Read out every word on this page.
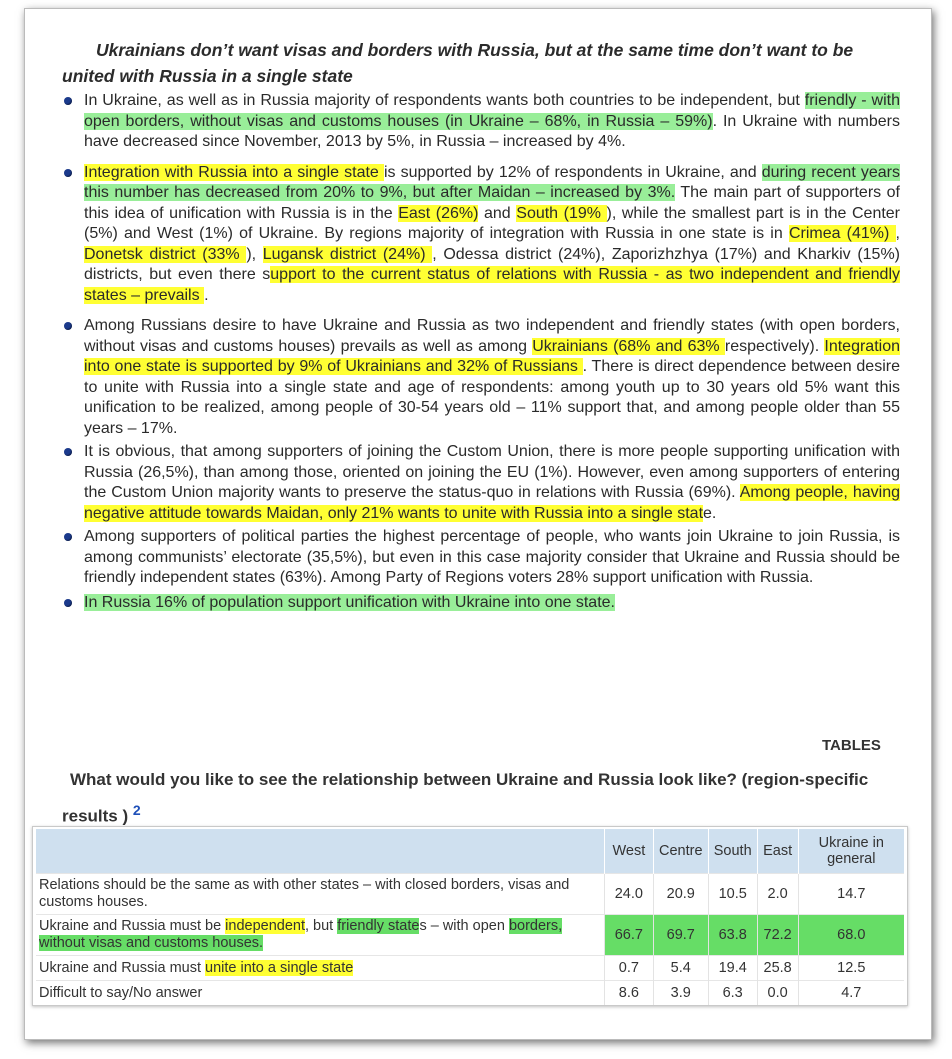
Ukrainians don’t want visas and borders with Russia, but at the same time don’t want to be united with Russia in a single state
In Ukraine, as well as in Russia majority of respondents wants both countries to be independent, but friendly - with open borders, without visas and customs houses (in Ukraine – 68%, in Russia – 59%). In Ukraine with numbers have decreased since November, 2013 by 5%, in Russia – increased by 4%.
Integration with Russia into a single state is supported by 12% of respondents in Ukraine, and during recent years this number has decreased from 20% to 9%, but after Maidan – increased by 3%. The main part of supporters of this idea of unification with Russia is in the East (26%) and South (19% ), while the smallest part is in the Center (5%) and West (1%) of Ukraine. By regions majority of integration with Russia in one state is in Crimea (41%) , Donetsk district (33% ), Lugansk district (24%) , Odessa district (24%), Zaporizhzhya (17%) and Kharkiv (15%) districts, but even there support to the current status of relations with Russia - as two independent and friendly states – prevails .
Among Russians desire to have Ukraine and Russia as two independent and friendly states (with open borders, without visas and customs houses) prevails as well as among Ukrainians (68% and 63% respectively). Integration into one state is supported by 9% of Ukrainians and 32% of Russians . There is direct dependence between desire to unite with Russia into a single state and age of respondents: among youth up to 30 years old 5% want this unification to be realized, among people of 30-54 years old – 11% support that, and among people older than 55 years – 17%.
It is obvious, that among supporters of joining the Custom Union, there is more people supporting unification with Russia (26,5%), than among those, oriented on joining the EU (1%). However, even among supporters of entering the Custom Union majority wants to preserve the status-quo in relations with Russia (69%). Among people, having negative attitude towards Maidan, only 21% wants to unite with Russia into a single state.
Among supporters of political parties the highest percentage of people, who wants join Ukraine to join Russia, is among communists’ electorate (35,5%), but even in this case majority consider that Ukraine and Russia should be friendly independent states (63%). Among Party of Regions voters 28% support unification with Russia.
In Russia 16% of population support unification with Ukraine into one state.
TABLES
What would you like to see the relationship between Ukraine and Russia look like? (region-specific results ) $^2$
	West	Centre	South	East	Ukraine in general
Relations should be the same as with other states – with closed borders, visas and customs houses.	24.0	20.9	10.5	2.0	14.7
Ukraine and Russia must be independent, but friendly states – with open borders, without visas and customs houses.	66.7	69.7	63.8	72.2	68.0
Ukraine and Russia must unite into a single state	0.7	5.4	19.4	25.8	12.5
Difficult to say/No answer	8.6	3.9	6.3	0.0	4.7
